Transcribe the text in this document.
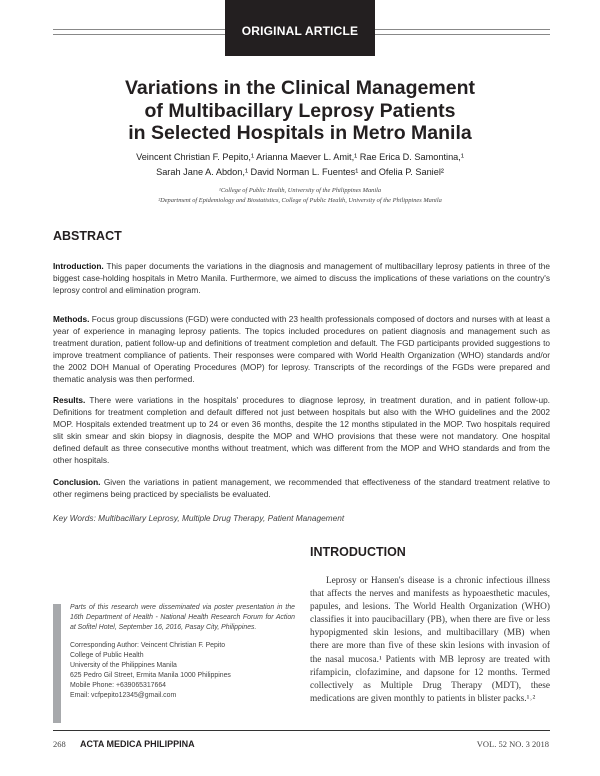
ORIGINAL ARTICLE
Variations in the Clinical Management
of Multibacillary Leprosy Patients
in Selected Hospitals in Metro Manila
Veincent Christian F. Pepito,¹ Arianna Maever L. Amit,¹ Rae Erica D. Samontina,¹
Sarah Jane A. Abdon,¹ David Norman L. Fuentes¹ and Ofelia P. Saniel²
¹College of Public Health, University of the Philippines Manila
²Department of Epidemiology and Biostatistics, College of Public Health, University of the Philippines Manila
ABSTRACT
Introduction. This paper documents the variations in the diagnosis and management of multibacillary leprosy patients in three of the biggest case-holding hospitals in Metro Manila. Furthermore, we aimed to discuss the implications of these variations on the country's leprosy control and elimination program.
Methods. Focus group discussions (FGD) were conducted with 23 health professionals composed of doctors and nurses with at least a year of experience in managing leprosy patients. The topics included procedures on patient diagnosis and management such as treatment duration, patient follow-up and definitions of treatment completion and default. The FGD participants provided suggestions to improve treatment compliance of patients. Their responses were compared with World Health Organization (WHO) standards and/or the 2002 DOH Manual of Operating Procedures (MOP) for leprosy. Transcripts of the recordings of the FGDs were prepared and thematic analysis was then performed.
Results. There were variations in the hospitals' procedures to diagnose leprosy, in treatment duration, and in patient follow-up. Definitions for treatment completion and default differed not just between hospitals but also with the WHO guidelines and the 2002 MOP. Hospitals extended treatment up to 24 or even 36 months, despite the 12 months stipulated in the MOP. Two hospitals required slit skin smear and skin biopsy in diagnosis, despite the MOP and WHO provisions that these were not mandatory. One hospital defined default as three consecutive months without treatment, which was different from the MOP and WHO standards and from the other hospitals.
Conclusion. Given the variations in patient management, we recommended that effectiveness of the standard treatment relative to other regimens being practiced by specialists be evaluated.
Key Words: Multibacillary Leprosy, Multiple Drug Therapy, Patient Management
INTRODUCTION
Leprosy or Hansen's disease is a chronic infectious illness that affects the nerves and manifests as hypoaesthetic macules, papules, and lesions. The World Health Organization (WHO) classifies it into paucibacillary (PB), when there are five or less hypopigmented skin lesions, and multibacillary (MB) when there are more than five of these skin lesions with invasion of the nasal mucosa.¹ Patients with MB leprosy are treated with rifampicin, clofazimine, and dapsone for 12 months. Termed collectively as Multiple Drug Therapy (MDT), these medications are given monthly to patients in blister packs.¹˒²
Parts of this research were disseminated via poster presentation in the 16th Department of Health - National Health Research Forum for Action at Sofitel Hotel, September 16, 2016, Pasay City, Philippines.
Corresponding Author: Veincent Christian F. Pepito
College of Public Health
University of the Philippines Manila
625 Pedro Gil Street, Ermita Manila 1000 Philippines
Mobile Phone: +639065317664
Email: vcfpepito12345@gmail.com
268 ACTA MEDICA PHILIPPINA	VOL. 52 NO. 3 2018
